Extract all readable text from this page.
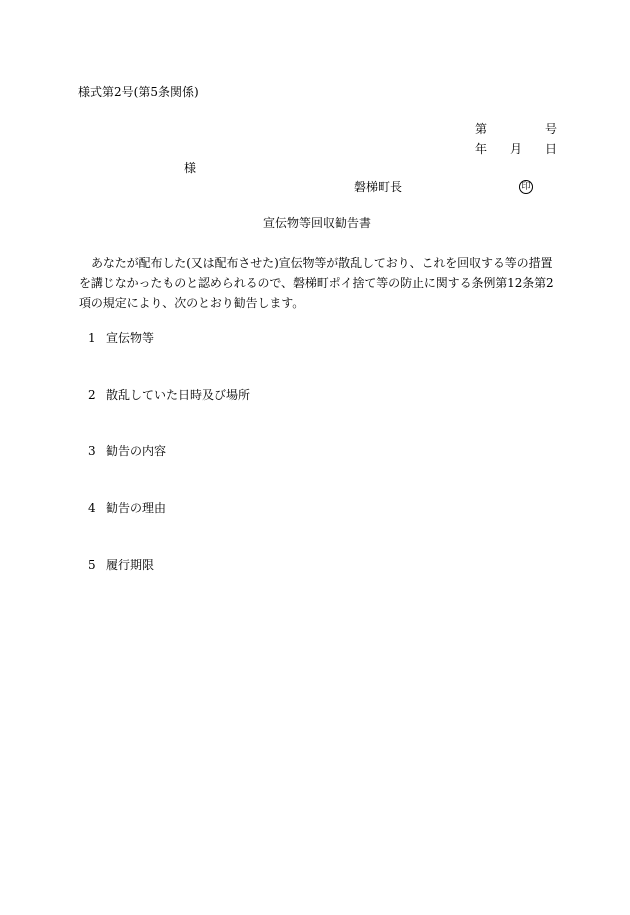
様式第2号(第5条関係)
第	号
年 月 日
様
磐梯町長	印
宣伝物等回収勧告書

あなたが配布した(又は配布させた)宣伝物等が散乱しており、これを回収する等の措置を講じなかったものと認められるので、磐梯町ポイ捨て等の防止に関する条例第12条第2項の規定により、次のとおり勧告します。

1 宣伝物等
2 散乱していた日時及び場所
3 勧告の内容
4 勧告の理由
5 履行期限
